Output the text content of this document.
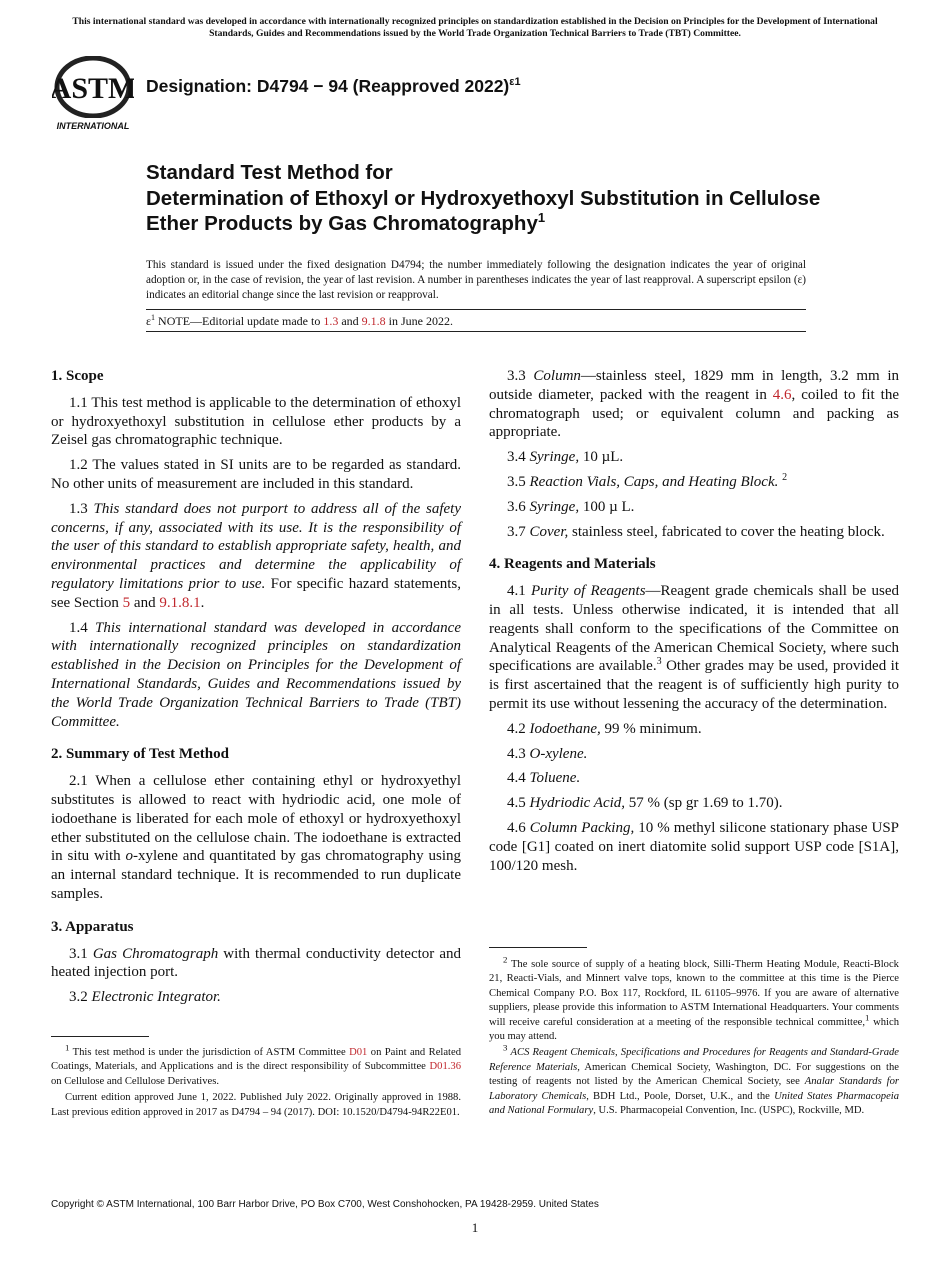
This international standard was developed in accordance with internationally recognized principles on standardization established in the Decision on Principles for the Development of International Standards, Guides and Recommendations issued by the World Trade Organization Technical Barriers to Trade (TBT) Committee.
ASTM
INTERNATIONAL
Designation: D4794 − 94 (Reapproved 2022)$^{\varepsilon 1}$
Standard Test Method for
Determination of Ethoxyl or Hydroxyethoxyl Substitution in Cellulose Ether Products by Gas Chromatography$^1$
This standard is issued under the fixed designation D4794; the number immediately following the designation indicates the year of original adoption or, in the case of revision, the year of last revision. A number in parentheses indicates the year of last reapproval. A superscript epsilon (ε) indicates an editorial change since the last revision or reapproval.
$\varepsilon^1$ NOTE—Editorial update made to 1.3 and 9.1.8 in June 2022.
1. Scope

1.1 This test method is applicable to the determination of ethoxyl or hydroxyethoxyl substitution in cellulose ether products by a Zeisel gas chromatographic technique.

1.2 The values stated in SI units are to be regarded as standard. No other units of measurement are included in this standard.

1.3 This standard does not purport to address all of the safety concerns, if any, associated with its use. It is the responsibility of the user of this standard to establish appropriate safety, health, and environmental practices and determine the applicability of regulatory limitations prior to use. For specific hazard statements, see Section 5 and 9.1.8.1.

1.4 This international standard was developed in accordance with internationally recognized principles on standardization established in the Decision on Principles for the Development of International Standards, Guides and Recommendations issued by the World Trade Organization Technical Barriers to Trade (TBT) Committee.

2. Summary of Test Method

2.1 When a cellulose ether containing ethyl or hydroxyethyl substitutes is allowed to react with hydriodic acid, one mole of iodoethane is liberated for each mole of ethoxyl or hydroxyethoxyl ether substituted on the cellulose chain. The iodoethane is extracted in situ with o-xylene and quantitated by gas chromatography using an internal standard technique. It is recommended to run duplicate samples.

3. Apparatus

3.1 Gas Chromatograph with thermal conductivity detector and heated injection port.

3.2 Electronic Integrator.

$^1$ This test method is under the jurisdiction of ASTM Committee D01 on Paint and Related Coatings, Materials, and Applications and is the direct responsibility of Subcommittee D01.36 on Cellulose and Cellulose Derivatives.

Current edition approved June 1, 2022. Published July 2022. Originally approved in 1988. Last previous edition approved in 2017 as D4794 – 94 (2017). DOI: 10.1520/D4794-94R22E01.

3.3 Column—stainless steel, 1829 mm in length, 3.2 mm in outside diameter, packed with the reagent in 4.6, coiled to fit the chromatograph used; or equivalent column and packing as appropriate.

3.4 Syringe, 10 µL.

3.5 Reaction Vials, Caps, and Heating Block. $^2$

3.6 Syringe, 100 µ L.

3.7 Cover, stainless steel, fabricated to cover the heating block.

4. Reagents and Materials

4.1 Purity of Reagents—Reagent grade chemicals shall be used in all tests. Unless otherwise indicated, it is intended that all reagents shall conform to the specifications of the Committee on Analytical Reagents of the American Chemical Society, where such specifications are available.$^3$ Other grades may be used, provided it is first ascertained that the reagent is of sufficiently high purity to permit its use without lessening the accuracy of the determination.

4.2 Iodoethane, 99 % minimum.

4.3 O-xylene.

4.4 Toluene.

4.5 Hydriodic Acid, 57 % (sp gr 1.69 to 1.70).

4.6 Column Packing, 10 % methyl silicone stationary phase USP code [G1] coated on inert diatomite solid support USP code [S1A], 100/120 mesh.

$^2$ The sole source of supply of a heating block, Silli-Therm Heating Module, Reacti-Block 21, Reacti-Vials, and Minnert valve tops, known to the committee at this time is the Pierce Chemical Company P.O. Box 117, Rockford, IL 61105–9976. If you are aware of alternative suppliers, please provide this information to ASTM International Headquarters. Your comments will receive careful consideration at a meeting of the responsible technical committee,$^1$ which you may attend.

$^3$ ACS Reagent Chemicals, Specifications and Procedures for Reagents and Standard-Grade Reference Materials, American Chemical Society, Washington, DC. For suggestions on the testing of reagents not listed by the American Chemical Society, see Analar Standards for Laboratory Chemicals, BDH Ltd., Poole, Dorset, U.K., and the United States Pharmacopeia and National Formulary, U.S. Pharmacopeial Convention, Inc. (USPC), Rockville, MD.

Copyright © ASTM International, 100 Barr Harbor Drive, PO Box C700, West Conshohocken, PA 19428-2959. United States
1
